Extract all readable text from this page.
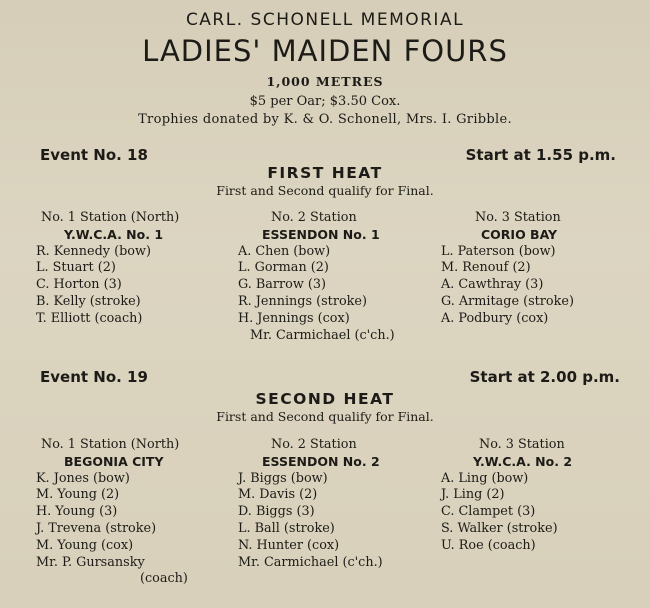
CARL. SCHONELL MEMORIAL
LADIES' MAIDEN FOURS
1,000 METRES
$5 per Oar; $3.50 Cox.
Trophies donated by K. & O. Schonell, Mrs. I. Gribble.
Event No. 18	Start at 1.55 p.m.
FIRST HEAT
First and Second qualify for Final.
No. 1 Station (North)
Y.W.C.A. No. 1
R. Kennedy (bow)
L. Stuart (2)
C. Horton (3)
B. Kelly (stroke)
T. Elliott (coach)
No. 2 Station
ESSENDON No. 1
A. Chen (bow)
L. Gorman (2)
G. Barrow (3)
R. Jennings (stroke)
H. Jennings (cox)
Mr. Carmichael (c'ch.)
No. 3 Station
CORIO BAY
L. Paterson (bow)
M. Renouf (2)
A. Cawthray (3)
G. Armitage (stroke)
A. Podbury (cox)
Event No. 19	Start at 2.00 p.m.
SECOND HEAT
First and Second qualify for Final.
No. 1 Station (North)
BEGONIA CITY
K. Jones (bow)
M. Young (2)
H. Young (3)
J. Trevena (stroke)
M. Young (cox)
Mr. P. Gursansky
(coach)
No. 2 Station
ESSENDON No. 2
J. Biggs (bow)
M. Davis (2)
D. Biggs (3)
L. Ball (stroke)
N. Hunter (cox)
Mr. Carmichael (c'ch.)
No. 3 Station
Y.W.C.A. No. 2
A. Ling (bow)
J. Ling (2)
C. Clampet (3)
S. Walker (stroke)
U. Roe (coach)
